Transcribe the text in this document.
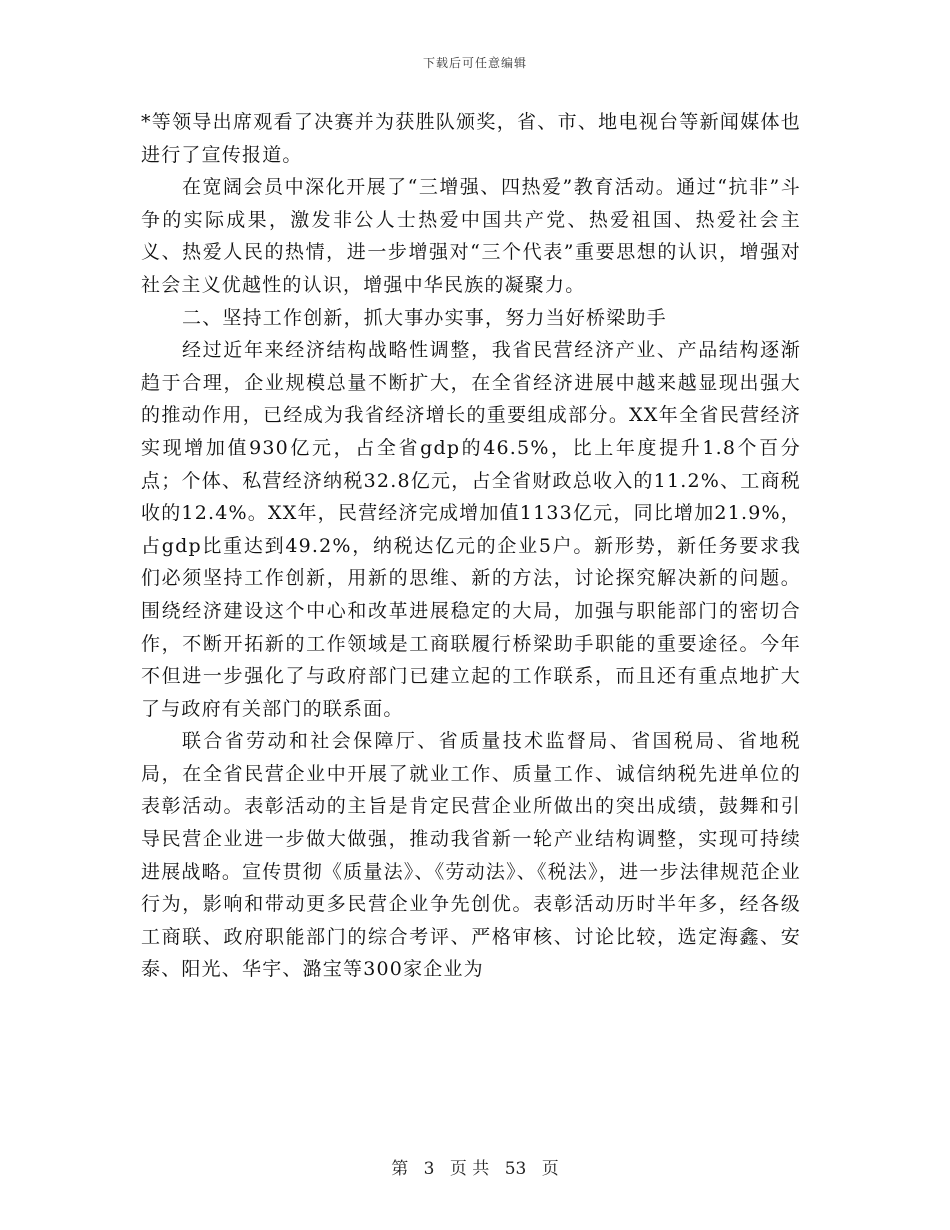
下载后可任意编辑

*等领导出席观看了决赛并为获胜队颁奖，省、市、地电视台等新闻媒体也进行了宣传报道。

在宽阔会员中深化开展了“三增强、四热爱”教育活动。通过“抗非”斗争的实际成果，激发非公人士热爱中国共产党、热爱祖国、热爱社会主义、热爱人民的热情，进一步增强对“三个代表”重要思想的认识，增强对社会主义优越性的认识，增强中华民族的凝聚力。

二、坚持工作创新，抓大事办实事，努力当好桥梁助手

经过近年来经济结构战略性调整，我省民营经济产业、产品结构逐渐趋于合理，企业规模总量不断扩大，在全省经济进展中越来越显现出强大的推动作用，已经成为我省经济增长的重要组成部分。XX年全省民营经济实现增加值930亿元，占全省gdp的46.5%，比上年度提升1.8个百分点；个体、私营经济纳税32.8亿元，占全省财政总收入的11.2%、工商税收的12.4%。XX年，民营经济完成增加值1133亿元，同比增加21.9%，占gdp比重达到49.2%，纳税达亿元的企业5户。新形势，新任务要求我们必须坚持工作创新，用新的思维、新的方法，讨论探究解决新的问题。围绕经济建设这个中心和改革进展稳定的大局，加强与职能部门的密切合作，不断开拓新的工作领域是工商联履行桥梁助手职能的重要途径。今年不但进一步强化了与政府部门已建立起的工作联系，而且还有重点地扩大了与政府有关部门的联系面。

联合省劳动和社会保障厅、省质量技术监督局、省国税局、省地税局，在全省民营企业中开展了就业工作、质量工作、诚信纳税先进单位的表彰活动。表彰活动的主旨是肯定民营企业所做出的突出成绩，鼓舞和引导民营企业进一步做大做强，推动我省新一轮产业结构调整，实现可持续进展战略。宣传贯彻《质量法》、《劳动法》、《税法》，进一步法律规范企业行为，影响和带动更多民营企业争先创优。表彰活动历时半年多，经各级工商联、政府职能部门的综合考评、严格审核、讨论比较，选定海鑫、安泰、阳光、华宇、潞宝等300家企业为

第 3 页 共 53 页
